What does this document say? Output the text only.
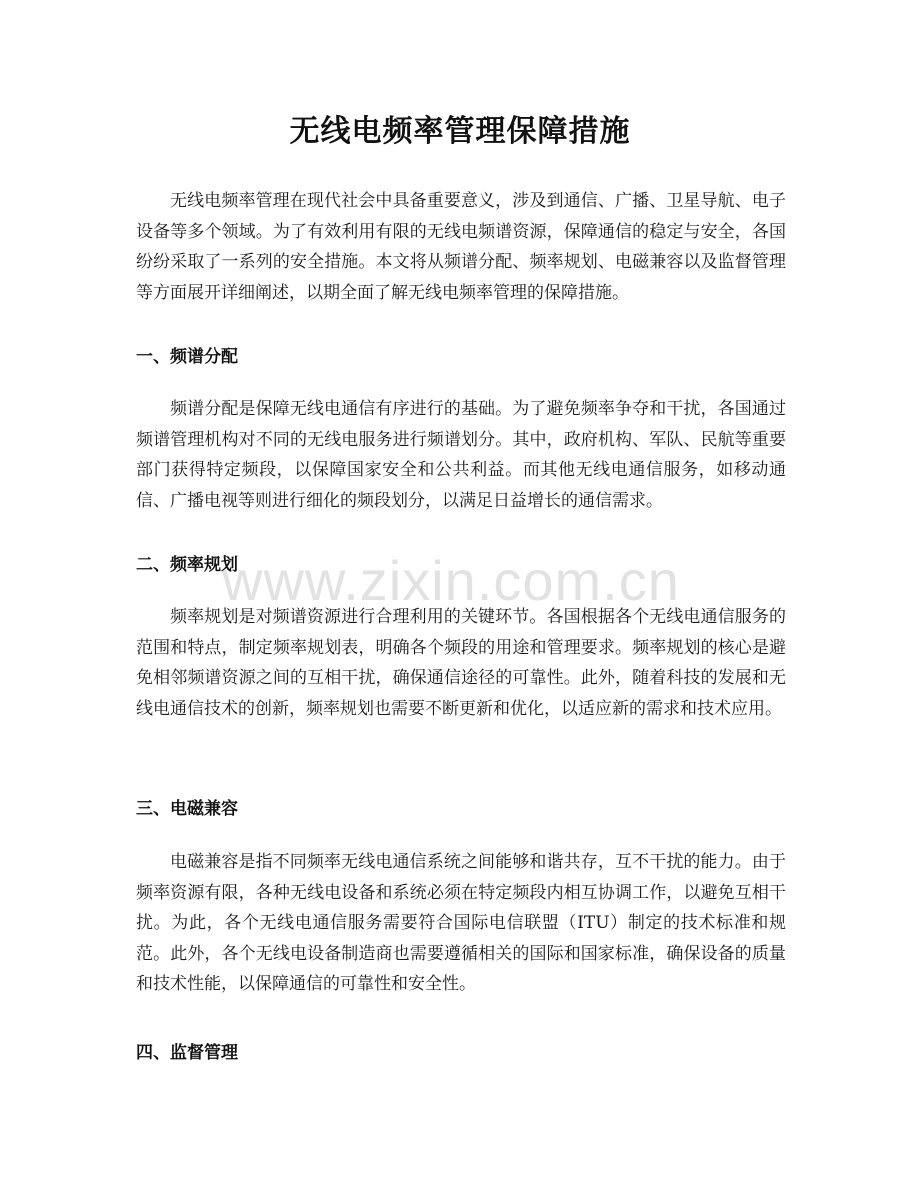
无线电频率管理保障措施

无线电频率管理在现代社会中具备重要意义，涉及到通信、广播、卫星导航、电子设备等多个领域。为了有效利用有限的无线电频谱资源，保障通信的稳定与安全，各国纷纷采取了一系列的安全措施。本文将从频谱分配、频率规划、电磁兼容以及监督管理等方面展开详细阐述，以期全面了解无线电频率管理的保障措施。

一、频谱分配

频谱分配是保障无线电通信有序进行的基础。为了避免频率争夺和干扰，各国通过频谱管理机构对不同的无线电服务进行频谱划分。其中，政府机构、军队、民航等重要部门获得特定频段，以保障国家安全和公共利益。而其他无线电通信服务，如移动通信、广播电视等则进行细化的频段划分，以满足日益增长的通信需求。

二、频率规划

频率规划是对频谱资源进行合理利用的关键环节。各国根据各个无线电通信服务的范围和特点，制定频率规划表，明确各个频段的用途和管理要求。频率规划的核心是避免相邻频谱资源之间的互相干扰，确保通信途径的可靠性。此外，随着科技的发展和无线电通信技术的创新，频率规划也需要不断更新和优化，以适应新的需求和技术应用。

三、电磁兼容

电磁兼容是指不同频率无线电通信系统之间能够和谐共存，互不干扰的能力。由于频率资源有限，各种无线电设备和系统必须在特定频段内相互协调工作，以避免互相干扰。为此，各个无线电通信服务需要符合国际电信联盟（ITU）制定的技术标准和规范。此外，各个无线电设备制造商也需要遵循相关的国际和国家标准，确保设备的质量和技术性能，以保障通信的可靠性和安全性。

四、监督管理
www.zixin.com.cn
